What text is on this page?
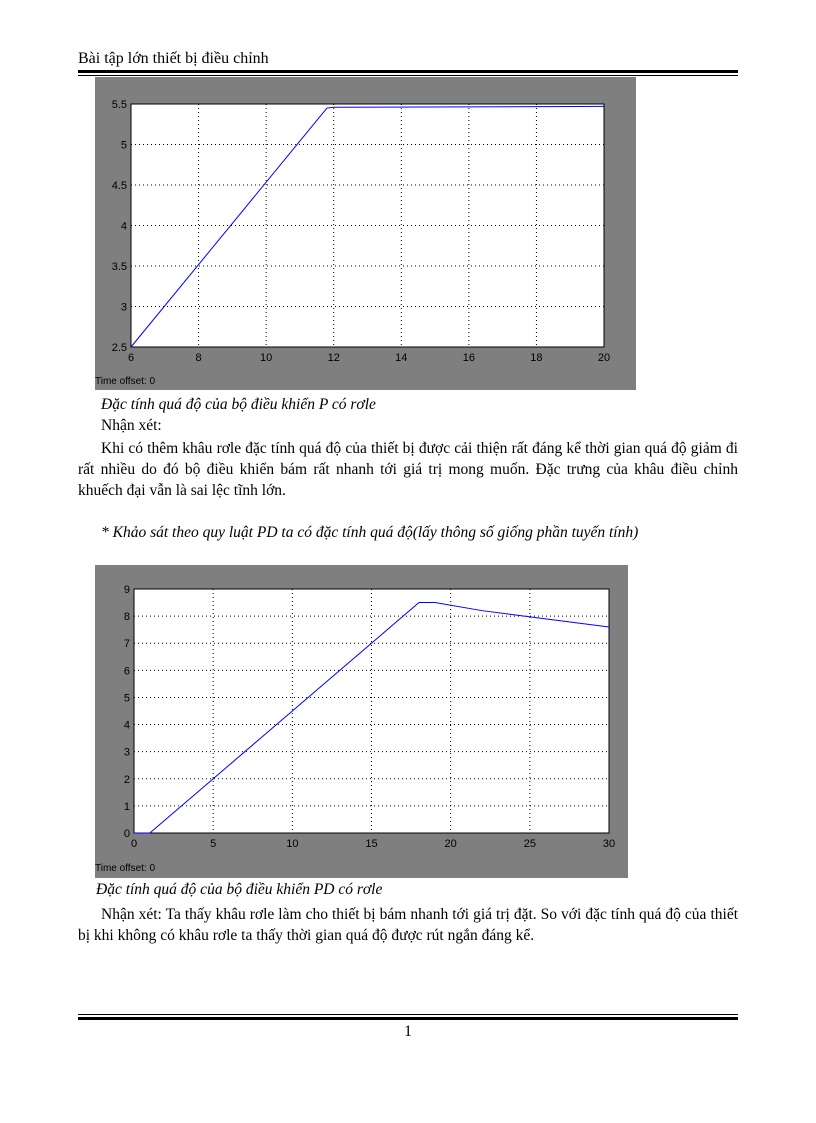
Bài tập lớn thiết bị điều chỉnh
6	8	10	12	14	16	18	20
2.5
3
3.5
4
4.5
5
5.5
Time offset: 0
Đặc tính quá độ của bộ điều khiển P có rơle
Nhận xét:
Khi có thêm khâu rơle đặc tính quá độ của thiết bị được cải thiện rất đáng kể thời gian quá độ giảm đi rất nhiều do đó bộ điều khiển bám rất nhanh tới giá trị mong muốn. Đặc trưng của khâu điều chỉnh khuếch đại vẫn là sai lệc tĩnh lớn.
* Khảo sát theo quy luật PD ta có đặc tính quá độ(lấy thông số giống phần tuyến tính)
0	5	10	15	20	25	30
0
1
2
3
4
5
6
7
8
9
Time offset: 0
Đặc tính quá độ của bộ điều khiển PD có rơle
Nhận xét: Ta thấy khâu rơle làm cho thiết bị bám nhanh tới giá trị đặt. So với đặc tính quá độ của thiết bị khi không có khâu rơle ta thấy thời gian quá độ được rút ngắn đáng kể.
1
